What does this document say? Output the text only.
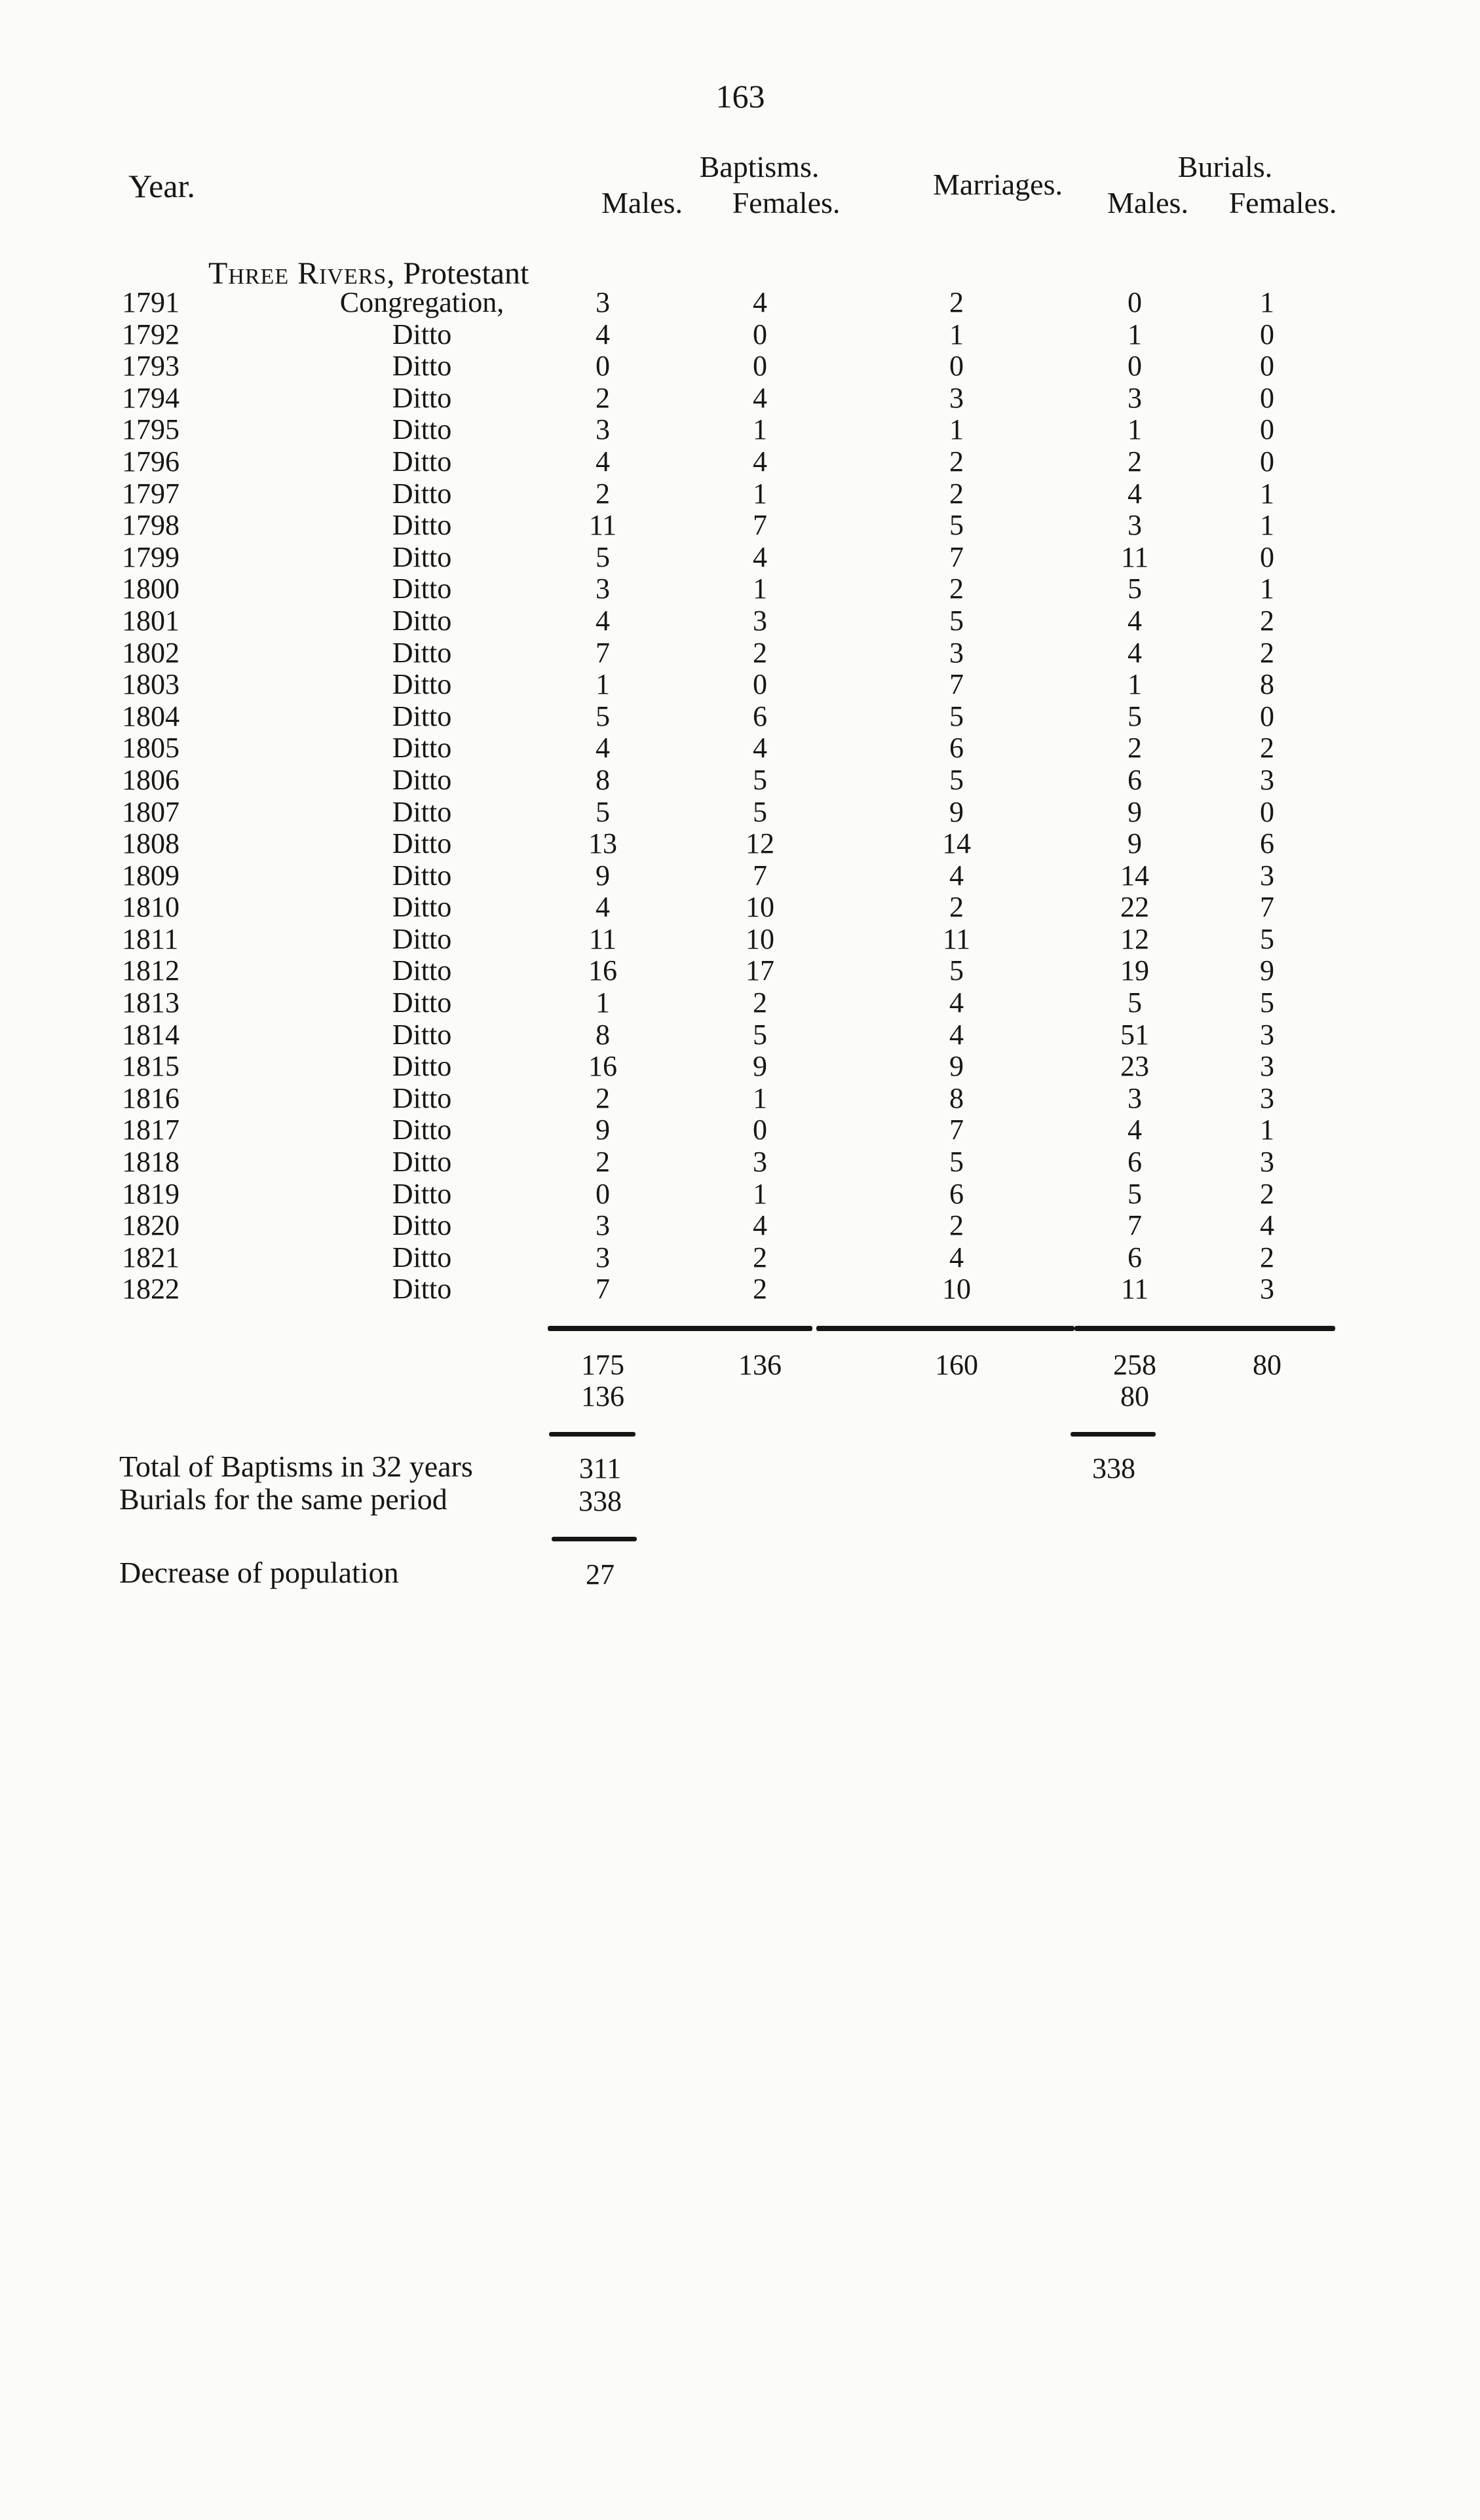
163
Year.
Baptisms.
Males.	Females.
Marriages.
Burials.
Males.	Females.
Three Rivers, Protestant
1791	Congregation,	3	4	2	0	1
1792	Ditto	4	0	1	1	0
1793	Ditto	0	0	0	0	0
1794	Ditto	2	4	3	3	0
1795	Ditto	3	1	1	1	0
1796	Ditto	4	4	2	2	0
1797	Ditto	2	1	2	4	1
1798	Ditto	11	7	5	3	1
1799	Ditto	5	4	7	11	0
1800	Ditto	3	1	2	5	1
1801	Ditto	4	3	5	4	2
1802	Ditto	7	2	3	4	2
1803	Ditto	1	0	7	1	8
1804	Ditto	5	6	5	5	0
1805	Ditto	4	4	6	2	2
1806	Ditto	8	5	5	6	3
1807	Ditto	5	5	9	9	0
1808	Ditto	13	12	14	9	6
1809	Ditto	9	7	4	14	3
1810	Ditto	4	10	2	22	7
1811	Ditto	11	10	11	12	5
1812	Ditto	16	17	5	19	9
1813	Ditto	1	2	4	5	5
1814	Ditto	8	5	4	51	3
1815	Ditto	16	9	9	23	3
1816	Ditto	2	1	8	3	3
1817	Ditto	9	0	7	4	1
1818	Ditto	2	3	5	6	3
1819	Ditto	0	1	6	5	2
1820	Ditto	3	4	2	7	4
1821	Ditto	3	2	4	6	2
1822	Ditto	7	2	10	11	3
175	136	160	258	80
136	80
Total of Baptisms in 32 years	311	338
Burials for the same period	338
Decrease of population	27
